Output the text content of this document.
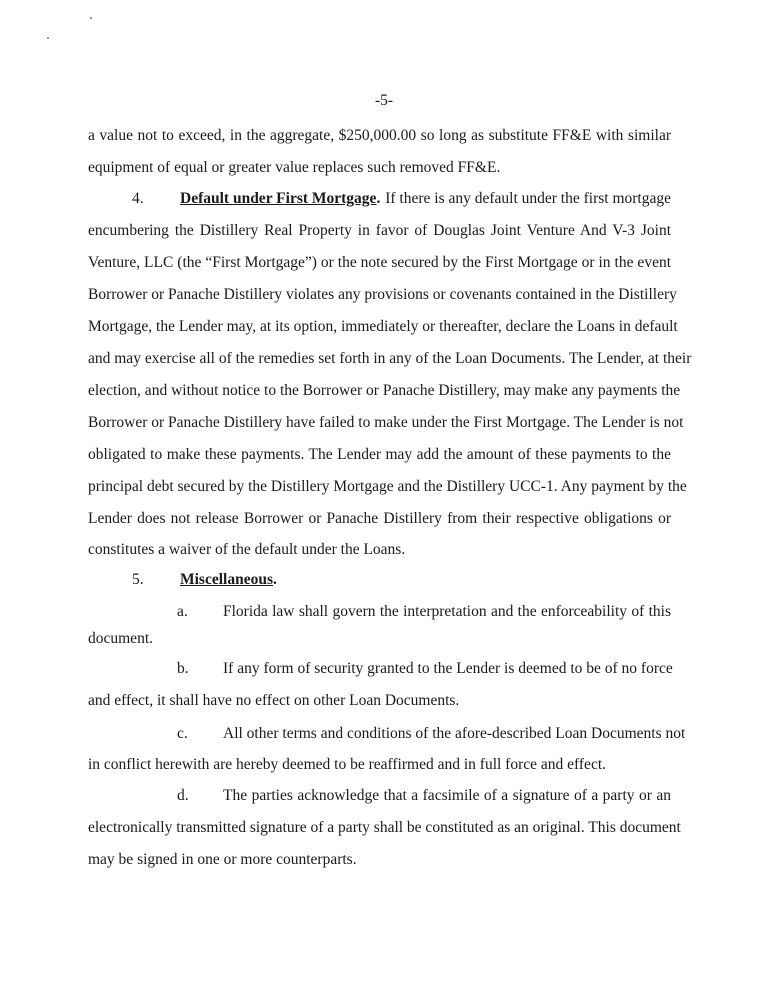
-5-
a value not to exceed, in the aggregate, $250,000.00 so long as substitute FF&E with similar
equipment of equal or greater value replaces such removed FF&E.
4. Default under First Mortgage. If there is any default under the first mortgage
encumbering the Distillery Real Property in favor of Douglas Joint Venture And V-3 Joint
Venture, LLC (the “First Mortgage”) or the note secured by the First Mortgage or in the event
Borrower or Panache Distillery violates any provisions or covenants contained in the Distillery
Mortgage, the Lender may, at its option, immediately or thereafter, declare the Loans in default
and may exercise all of the remedies set forth in any of the Loan Documents. The Lender, at their
election, and without notice to the Borrower or Panache Distillery, may make any payments the
Borrower or Panache Distillery have failed to make under the First Mortgage. The Lender is not
obligated to make these payments. The Lender may add the amount of these payments to the
principal debt secured by the Distillery Mortgage and the Distillery UCC-1. Any payment by the
Lender does not release Borrower or Panache Distillery from their respective obligations or
constitutes a waiver of the default under the Loans.
5. Miscellaneous.
a. Florida law shall govern the interpretation and the enforceability of this
document.
b. If any form of security granted to the Lender is deemed to be of no force
and effect, it shall have no effect on other Loan Documents.
c. All other terms and conditions of the afore-described Loan Documents not
in conflict herewith are hereby deemed to be reaffirmed and in full force and effect.
d. The parties acknowledge that a facsimile of a signature of a party or an
electronically transmitted signature of a party shall be constituted as an original. This document
may be signed in one or more counterparts.
